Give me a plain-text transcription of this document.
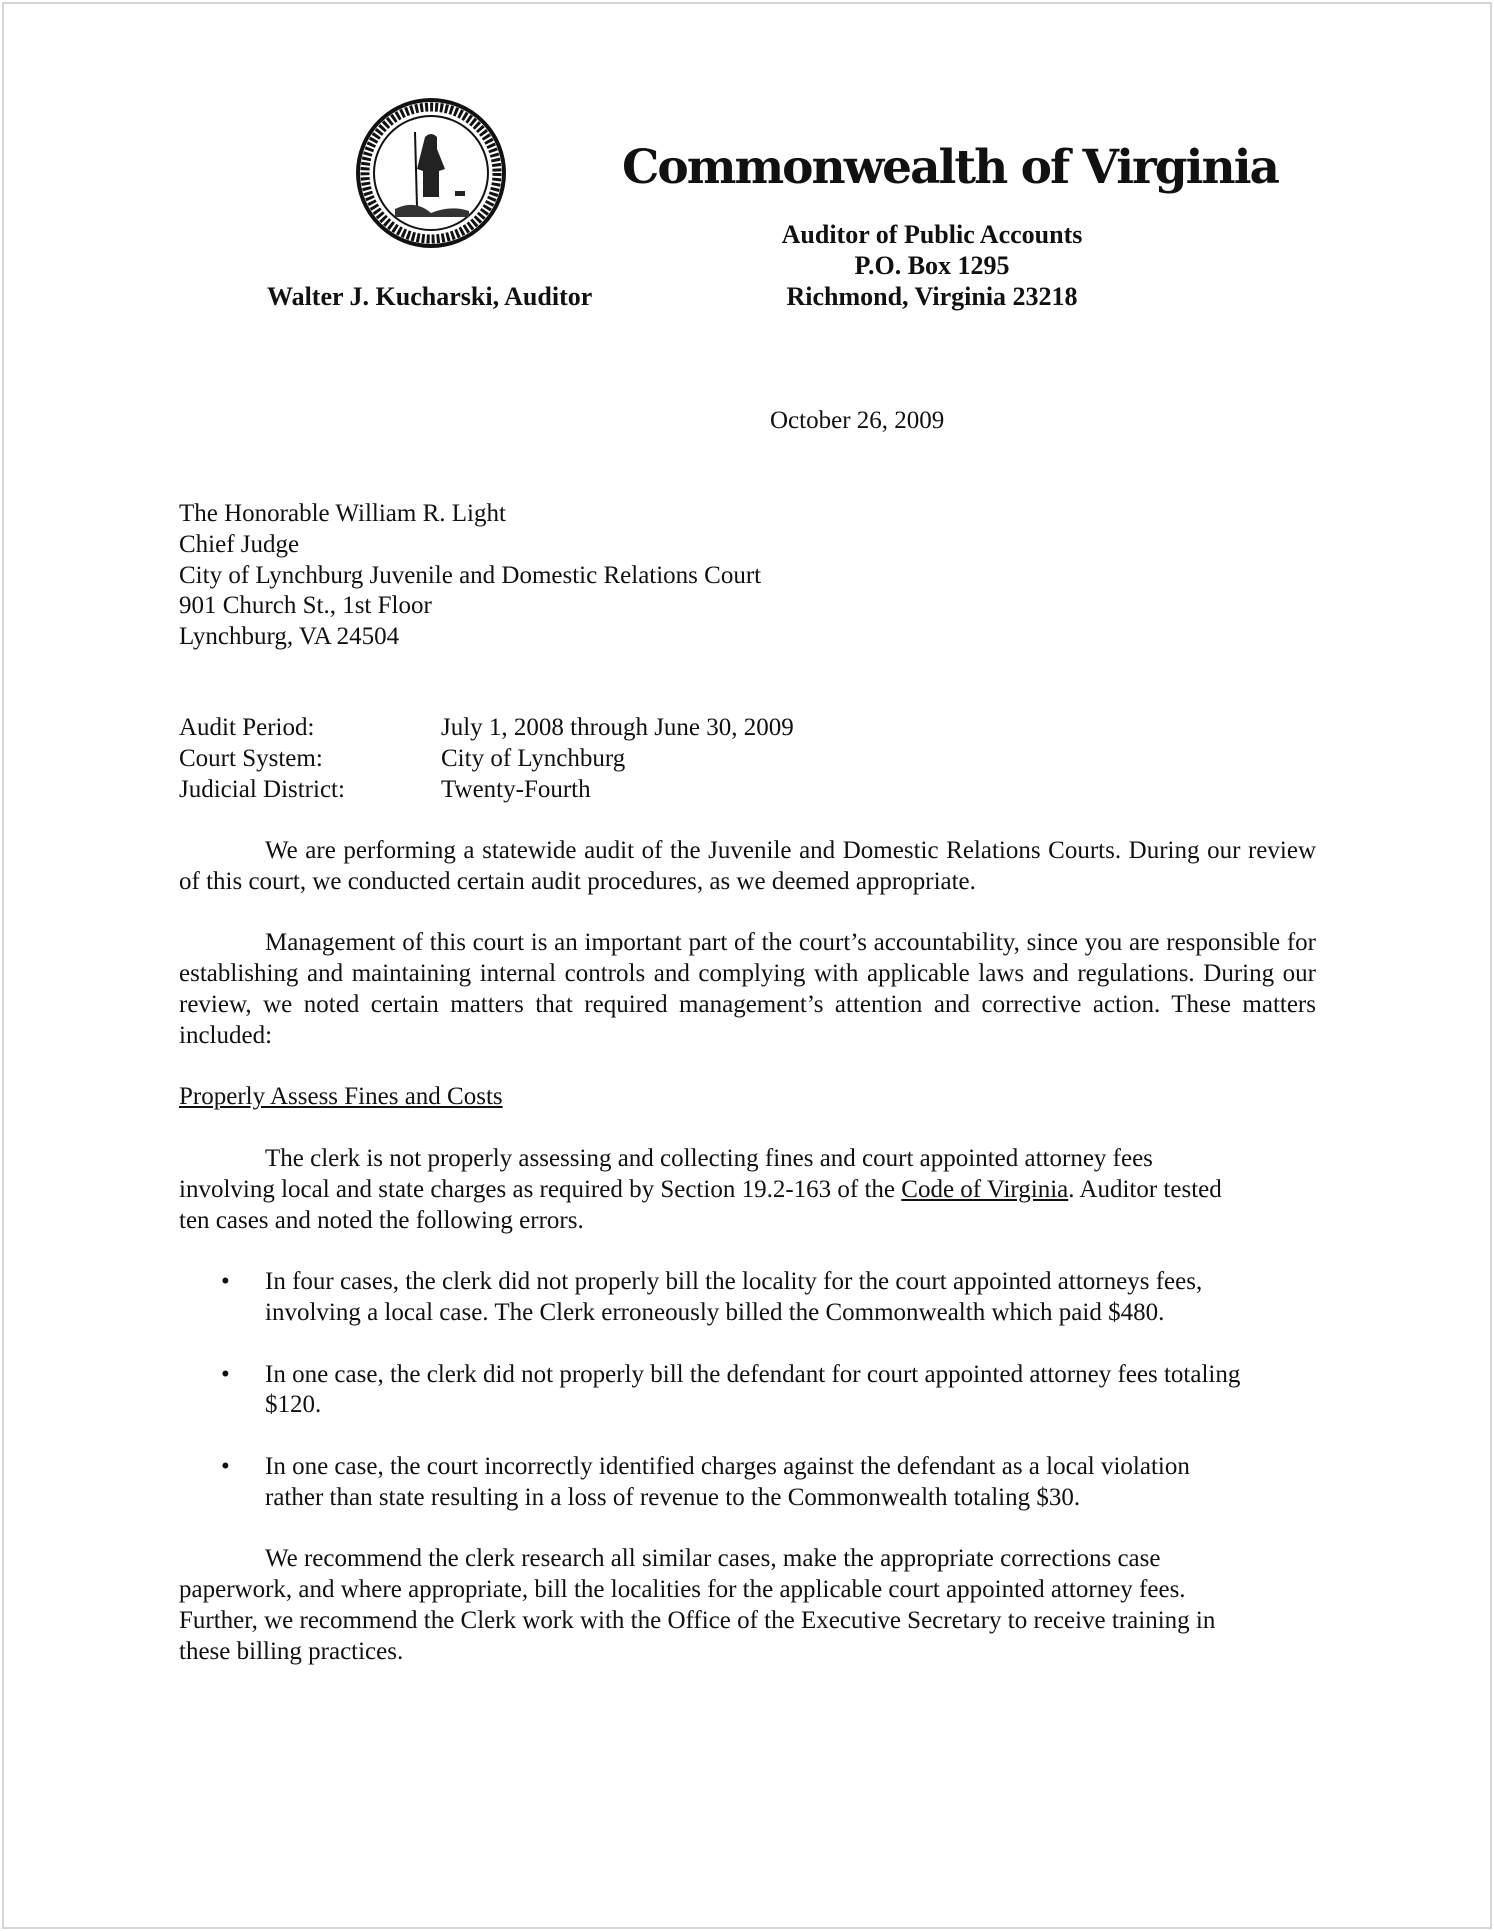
Commonwealth of Virginia
Auditor of Public Accounts
P.O. Box 1295
Richmond, Virginia 23218
Walter J. Kucharski, Auditor
October 26, 2009
The Honorable William R. Light
Chief Judge
City of Lynchburg Juvenile and Domestic Relations Court
901 Church St., 1st Floor
Lynchburg, VA 24504
Audit Period:	July 1, 2008 through June 30, 2009
Court System:	City of Lynchburg
Judicial District:	Twenty-Fourth
We are performing a statewide audit of the Juvenile and Domestic Relations Courts. During our review of this court, we conducted certain audit procedures, as we deemed appropriate.
Management of this court is an important part of the court’s accountability, since you are responsible for establishing and maintaining internal controls and complying with applicable laws and regulations. During our review, we noted certain matters that required management’s attention and corrective action. These matters included:
Properly Assess Fines and Costs
The clerk is not properly assessing and collecting fines and court appointed attorney fees
involving local and state charges as required by Section 19.2-163 of the Code of Virginia. Auditor tested
ten cases and noted the following errors.
• In four cases, the clerk did not properly bill the locality for the court appointed attorneys fees,
involving a local case. The Clerk erroneously billed the Commonwealth which paid $480.
• In one case, the clerk did not properly bill the defendant for court appointed attorney fees totaling
$120.
• In one case, the court incorrectly identified charges against the defendant as a local violation
rather than state resulting in a loss of revenue to the Commonwealth totaling $30.
We recommend the clerk research all similar cases, make the appropriate corrections case
paperwork, and where appropriate, bill the localities for the applicable court appointed attorney fees.
Further, we recommend the Clerk work with the Office of the Executive Secretary to receive training in
these billing practices.
